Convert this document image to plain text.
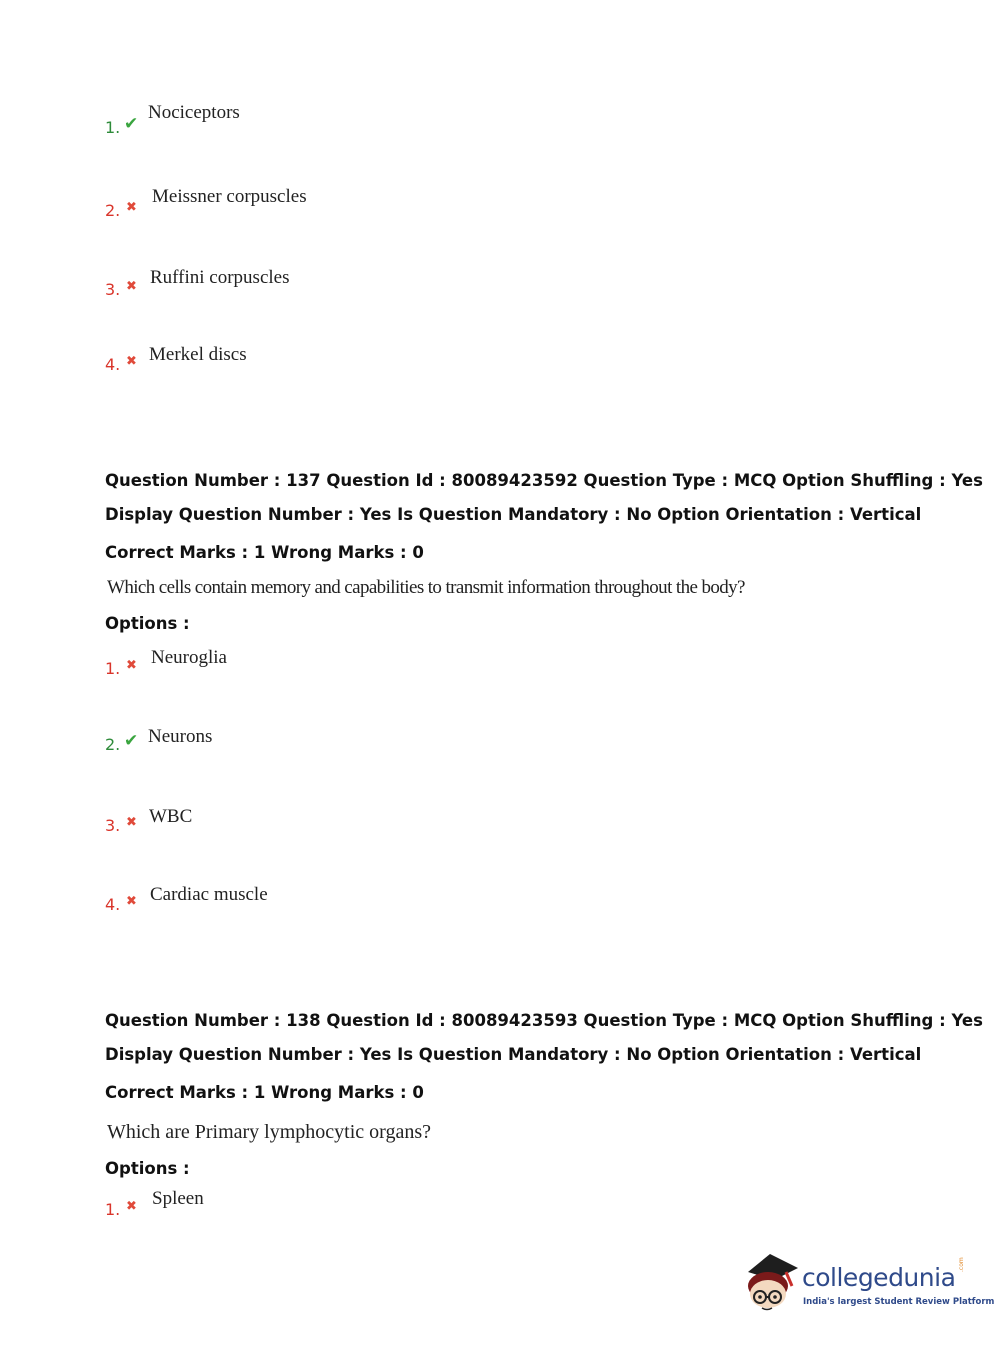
1. ✔
Nociceptors
2. ✖
Meissner corpuscles
3. ✖ Ruffini corpuscles
4. ✖ Merkel discs
Question Number : 137 Question Id : 80089423592 Question Type : MCQ Option Shuffling : Yes
Display Question Number : Yes Is Question Mandatory : No Option Orientation : Vertical
Correct Marks : 1 Wrong Marks : 0
Which cells contain memory and capabilities to transmit information throughout the body?
Options :
1. ✖ Neuroglia
2. ✔ Neurons
3. ✖ WBC
4. ✖ Cardiac muscle
Question Number : 138 Question Id : 80089423593 Question Type : MCQ Option Shuffling : Yes
Display Question Number : Yes Is Question Mandatory : No Option Orientation : Vertical
Correct Marks : 1 Wrong Marks : 0
Which are Primary lymphocytic organs?
Options :
1. ✖ Spleen
collegedunia .com
India's largest Student Review Platform
